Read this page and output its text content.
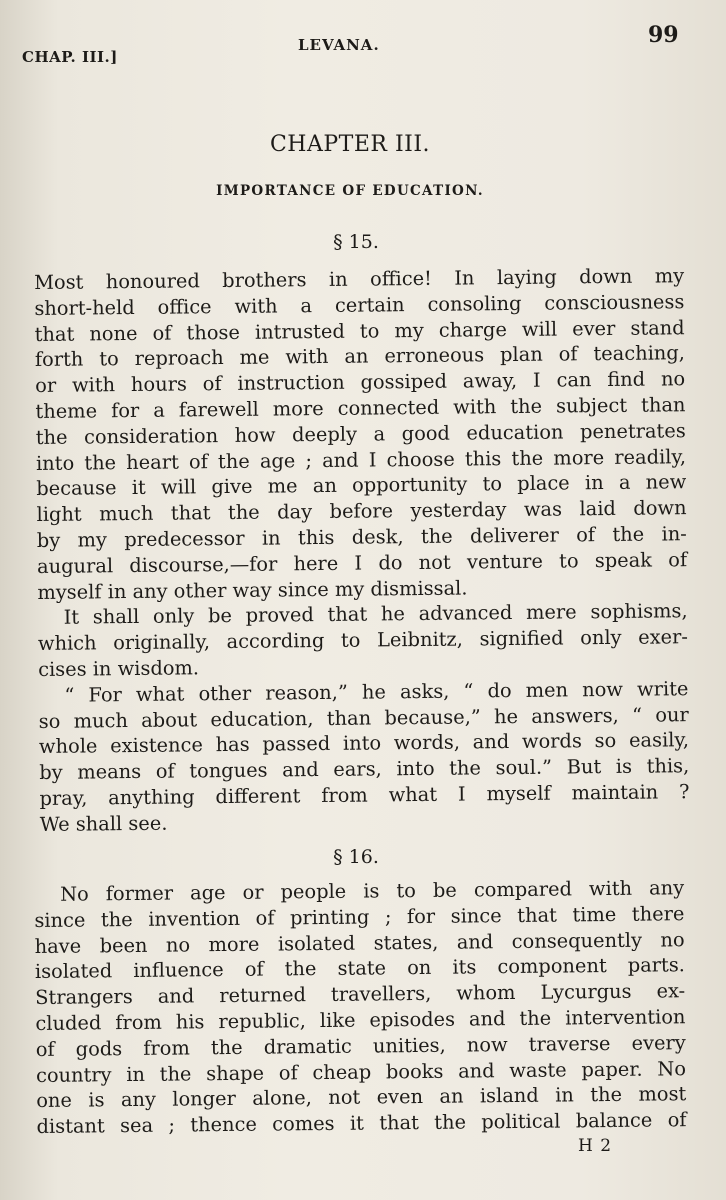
CHAP. III.]
LEVANA.	99
CHAPTER III.
IMPORTANCE OF EDUCATION.
§ 15.
Most honoured brothers in office! In laying down my
short-held office with a certain consoling consciousness
that none of those intrusted to my charge will ever stand
forth to reproach me with an erroneous plan of teaching,
or with hours of instruction gossiped away, I can find no
theme for a farewell more connected with the subject than
the consideration how deeply a good education penetrates
into the heart of the age ; and I choose this the more readily,
because it will give me an opportunity to place in a new
light much that the day before yesterday was laid down
by my predecessor in this desk, the deliverer of the in-
augural discourse,—for here I do not venture to speak of
myself in any other way since my dismissal.
It shall only be proved that he advanced mere sophisms,
which originally, according to Leibnitz, signified only exer-
cises in wisdom.
“ For what other reason,” he asks, “ do men now write
so much about education, than because,” he answers, “ our
whole existence has passed into words, and words so easily,
by means of tongues and ears, into the soul.” But is this,
pray, anything different from what I myself maintain ?
We shall see.
§ 16.
No former age or people is to be compared with any
since the invention of printing ; for since that time there
have been no more isolated states, and consequently no
isolated influence of the state on its component parts.
Strangers and returned travellers, whom Lycurgus ex-
cluded from his republic, like episodes and the intervention
of gods from the dramatic unities, now traverse every
country in the shape of cheap books and waste paper. No
one is any longer alone, not even an island in the most
distant sea ; thence comes it that the political balance of
H 2
